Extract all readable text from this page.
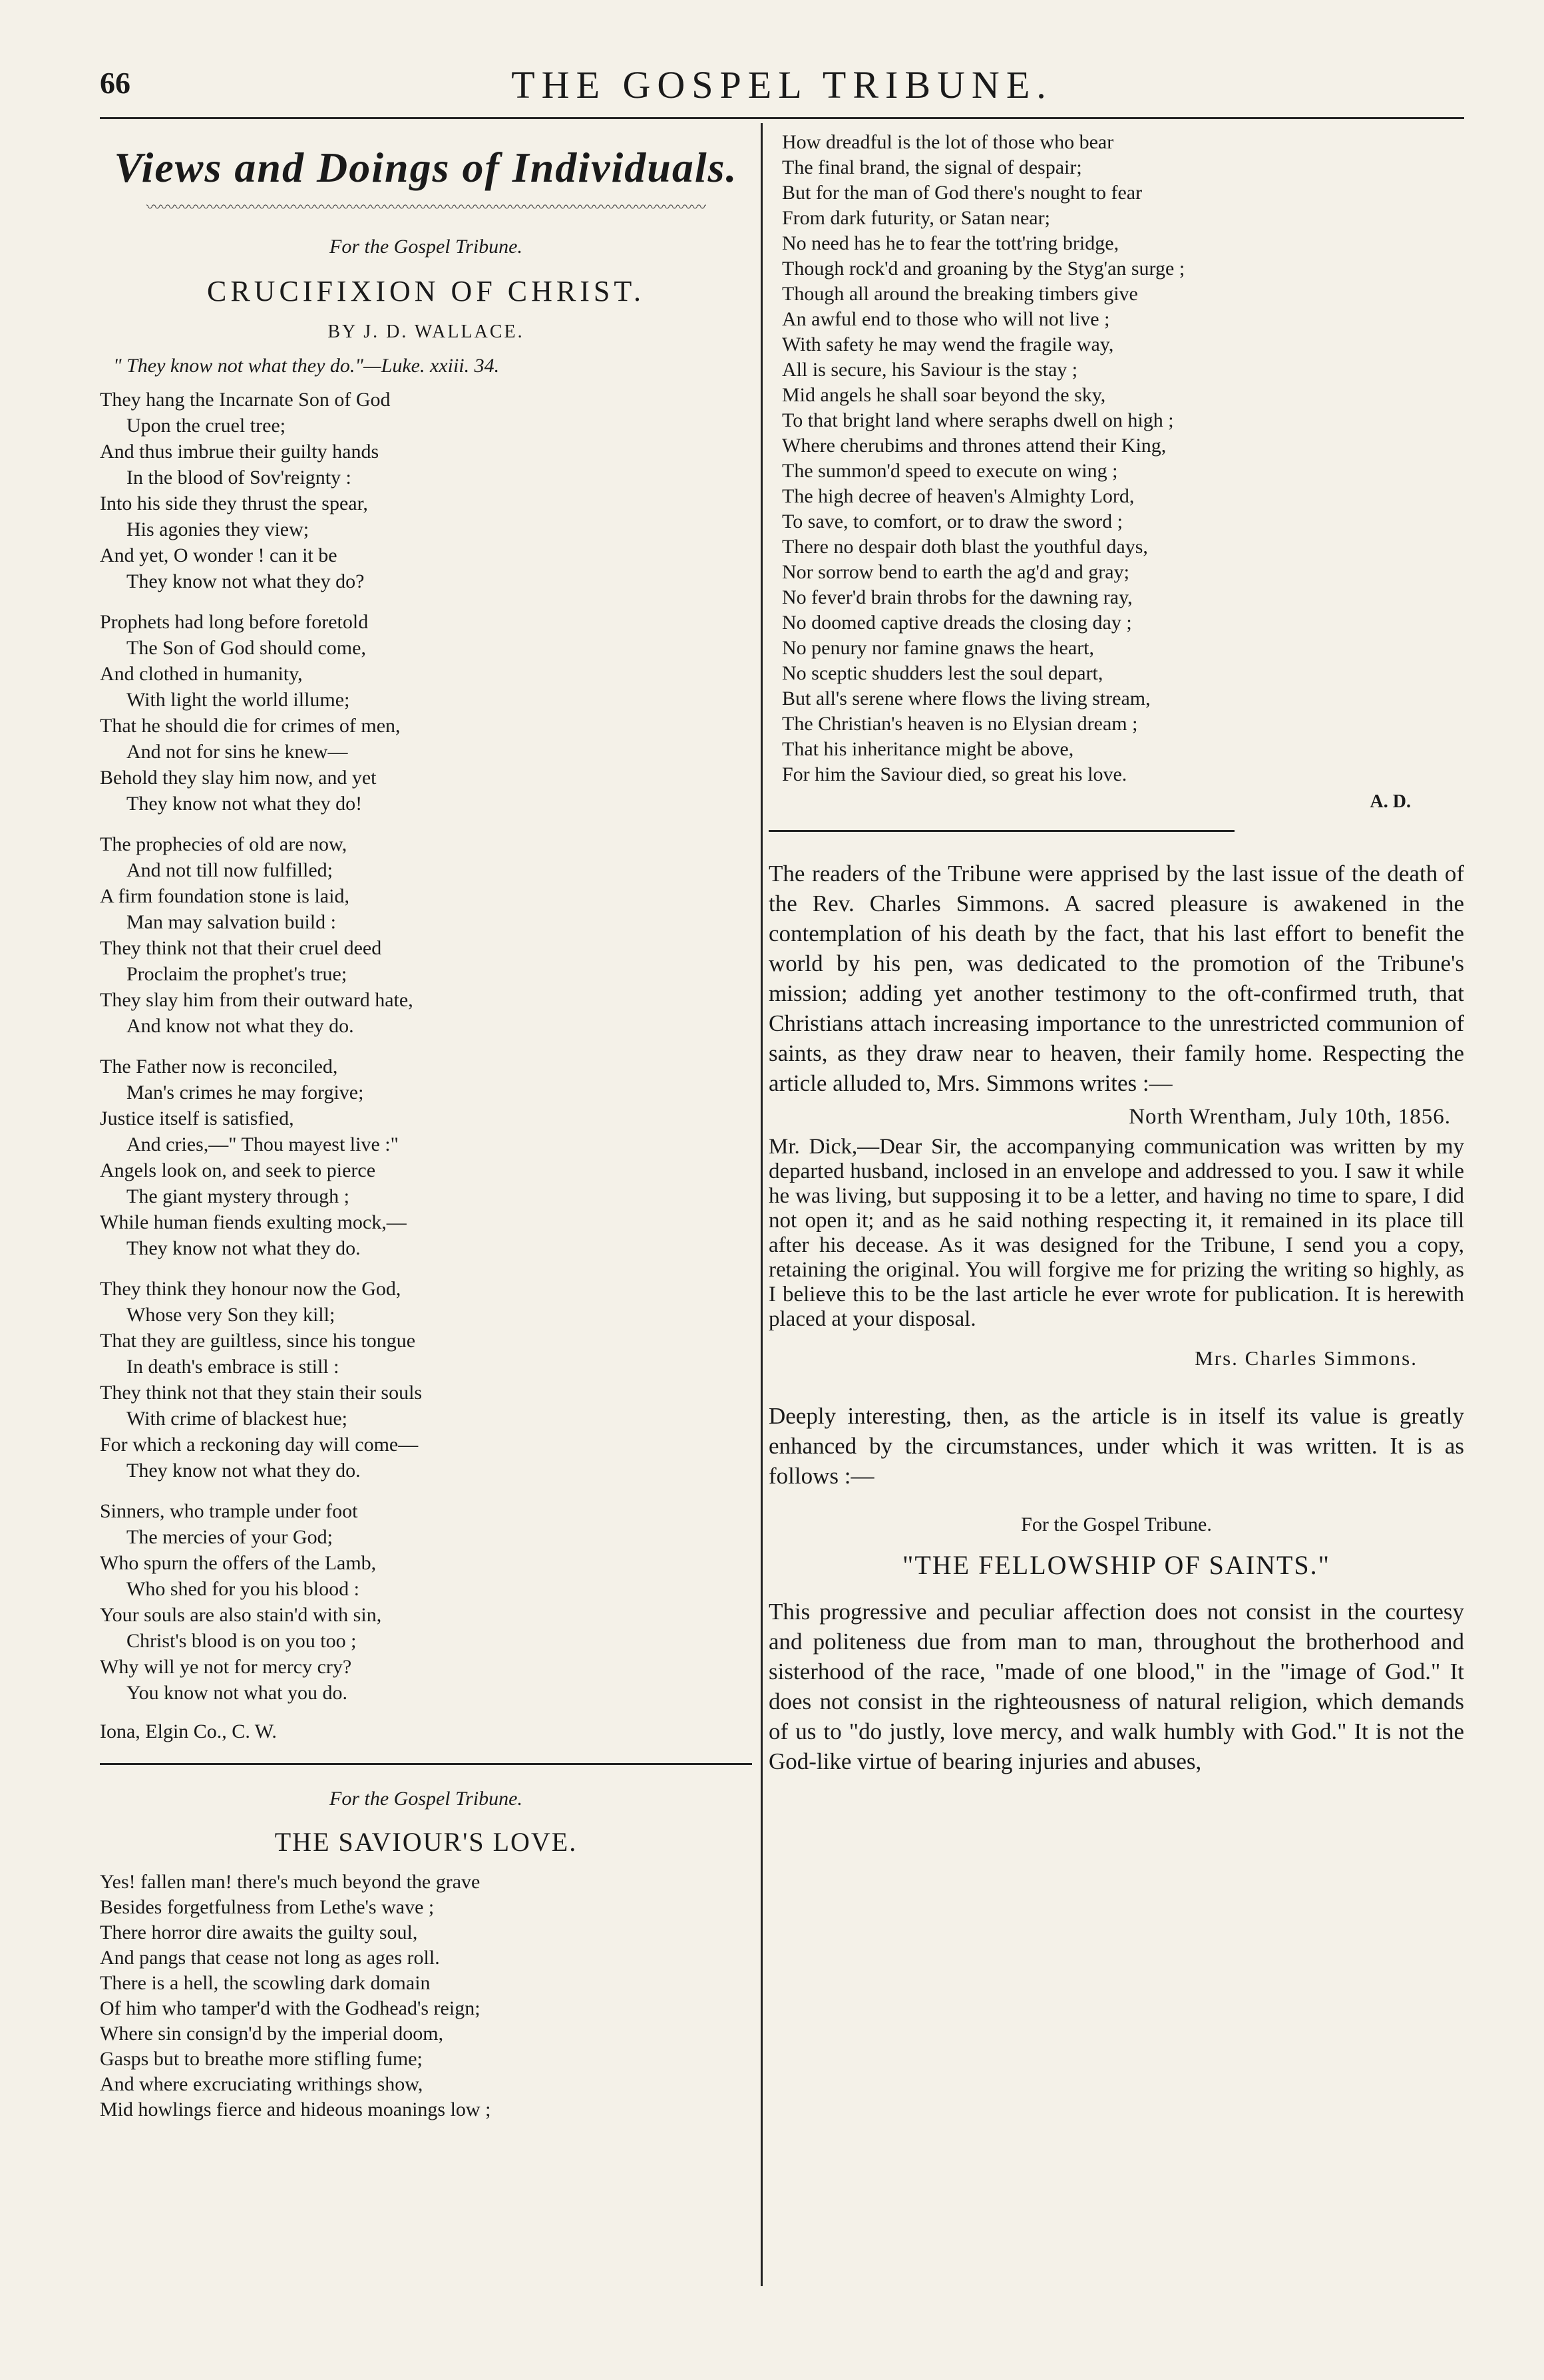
66	THE GOSPEL TRIBUNE.
Views and Doings of Individuals.
〰〰〰〰〰〰〰〰〰〰〰〰〰〰〰〰〰〰〰〰〰〰〰〰〰〰〰〰〰〰〰〰〰〰〰〰〰〰〰〰
For the Gospel Tribune.
CRUCIFIXION OF CHRIST.
BY J. D. WALLACE.
" They know not what they do."—Luke. xxiii. 34.
They hang the Incarnate Son of God
Upon the cruel tree;
And thus imbrue their guilty hands
In the blood of Sov'reignty :
Into his side they thrust the spear,
His agonies they view;
And yet, O wonder ! can it be
They know not what they do?
Prophets had long before foretold
The Son of God should come,
And clothed in humanity,
With light the world illume;
That he should die for crimes of men,
And not for sins he knew—
Behold they slay him now, and yet
They know not what they do!
The prophecies of old are now,
And not till now fulfilled;
A firm foundation stone is laid,
Man may salvation build :
They think not that their cruel deed
Proclaim the prophet's true;
They slay him from their outward hate,
And know not what they do.
The Father now is reconciled,
Man's crimes he may forgive;
Justice itself is satisfied,
And cries,—" Thou mayest live :"
Angels look on, and seek to pierce
The giant mystery through ;
While human fiends exulting mock,—
They know not what they do.
They think they honour now the God,
Whose very Son they kill;
That they are guiltless, since his tongue
In death's embrace is still :
They think not that they stain their souls
With crime of blackest hue;
For which a reckoning day will come—
They know not what they do.
Sinners, who trample under foot
The mercies of your God;
Who spurn the offers of the Lamb,
Who shed for you his blood :
Your souls are also stain'd with sin,
Christ's blood is on you too ;
Why will ye not for mercy cry?
You know not what you do.
Iona, Elgin Co., C. W.
For the Gospel Tribune.
THE SAVIOUR'S LOVE.
Yes! fallen man! there's much beyond the grave
Besides forgetfulness from Lethe's wave ;
There horror dire awaits the guilty soul,
And pangs that cease not long as ages roll.
There is a hell, the scowling dark domain
Of him who tamper'd with the Godhead's reign;
Where sin consign'd by the imperial doom,
Gasps but to breathe more stifling fume;
And where excruciating writhings show,
Mid howlings fierce and hideous moanings low ;
How dreadful is the lot of those who bear
The final brand, the signal of despair;
But for the man of God there's nought to fear
From dark futurity, or Satan near;
No need has he to fear the tott'ring bridge,
Though rock'd and groaning by the Styg'an surge ;
Though all around the breaking timbers give
An awful end to those who will not live ;
With safety he may wend the fragile way,
All is secure, his Saviour is the stay ;
Mid angels he shall soar beyond the sky,
To that bright land where seraphs dwell on high ;
Where cherubims and thrones attend their King,
The summon'd speed to execute on wing ;
The high decree of heaven's Almighty Lord,
To save, to comfort, or to draw the sword ;
There no despair doth blast the youthful days,
Nor sorrow bend to earth the ag'd and gray;
No fever'd brain throbs for the dawning ray,
No doomed captive dreads the closing day ;
No penury nor famine gnaws the heart,
No sceptic shudders lest the soul depart,
But all's serene where flows the living stream,
The Christian's heaven is no Elysian dream ;
That his inheritance might be above,
For him the Saviour died, so great his love.
A. D.

The readers of the Tribune were apprised by the last issue of the death of the Rev. Charles Simmons. A sacred pleasure is awakened in the contemplation of his death by the fact, that his last effort to benefit the world by his pen, was dedicated to the promotion of the Tribune's mission; adding yet another testimony to the oft-confirmed truth, that Christians attach increasing importance to the unrestricted communion of saints, as they draw near to heaven, their family home. Respecting the article alluded to, Mrs. Simmons writes :—

North Wrentham, July 10th, 1856.

Mr. Dick,—Dear Sir, the accompanying communication was written by my departed husband, inclosed in an envelope and addressed to you. I saw it while he was living, but supposing it to be a letter, and having no time to spare, I did not open it; and as he said nothing respecting it, it remained in its place till after his decease. As it was designed for the Tribune, I send you a copy, retaining the original. You will forgive me for prizing the writing so highly, as I believe this to be the last article he ever wrote for publication. It is herewith placed at your disposal.

Mrs. Charles Simmons.

Deeply interesting, then, as the article is in itself its value is greatly enhanced by the circumstances, under which it was written. It is as follows :—

For the Gospel Tribune.
"THE FELLOWSHIP OF SAINTS."

This progressive and peculiar affection does not consist in the courtesy and politeness due from man to man, throughout the brotherhood and sisterhood of the race, "made of one blood," in the "image of God." It does not consist in the righteousness of natural religion, which demands of us to "do justly, love mercy, and walk humbly with God." It is not the God-like virtue of bearing injuries and abuses,
